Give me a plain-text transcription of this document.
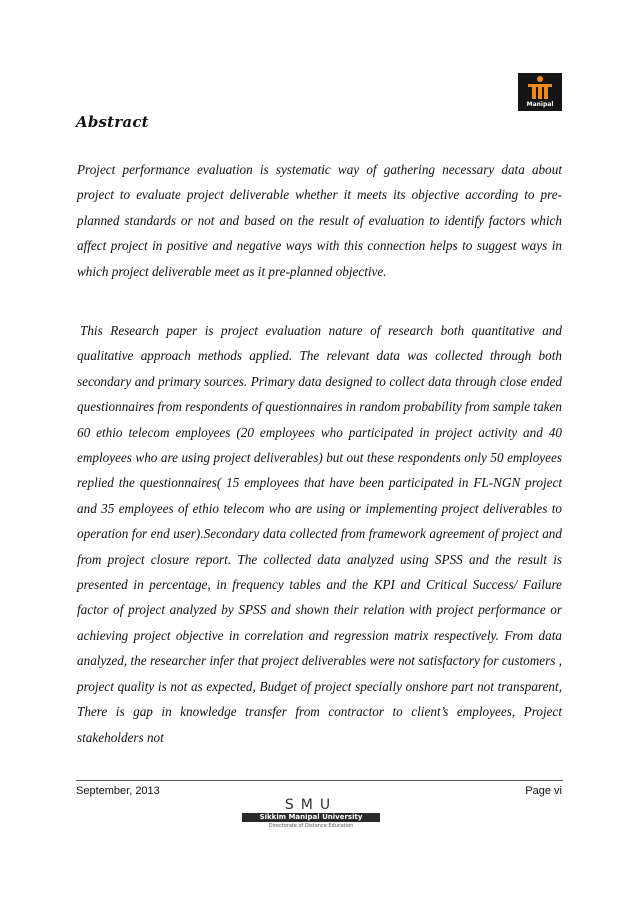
Manipal
Abstract

Project performance evaluation is systematic way of gathering necessary data about project to evaluate project deliverable whether it meets its objective according to pre-planned standards or not and based on the result of evaluation to identify factors which affect project in positive and negative ways with this connection helps to suggest ways in which project deliverable meet as it pre-planned objective.

This Research paper is project evaluation nature of research both quantitative and qualitative approach methods applied. The relevant data was collected through both secondary and primary sources. Primary data designed to collect data through close ended questionnaires from respondents of questionnaires in random probability from sample taken 60 ethio telecom employees (20 employees who participated in project activity and 40 employees who are using project deliverables) but out these respondents only 50 employees replied the questionnaires( 15 employees that have been participated in FL-NGN project and 35 employees of ethio telecom who are using or implementing project deliverables to operation for end user).Secondary data collected from framework agreement of project and from project closure report. The collected data analyzed using SPSS and the result is presented in percentage, in frequency tables and the KPI and Critical Success/ Failure factor of project analyzed by SPSS and shown their relation with project performance or achieving project objective in correlation and regression matrix respectively. From data analyzed, the researcher infer that project deliverables were not satisfactory for customers , project quality is not as expected, Budget of project specially onshore part not transparent, There is gap in knowledge transfer from contractor to client’s employees, Project stakeholders not

September, 2013	Page vi
SMU
Sikkim Manipal University
Directorate of Distance Education
